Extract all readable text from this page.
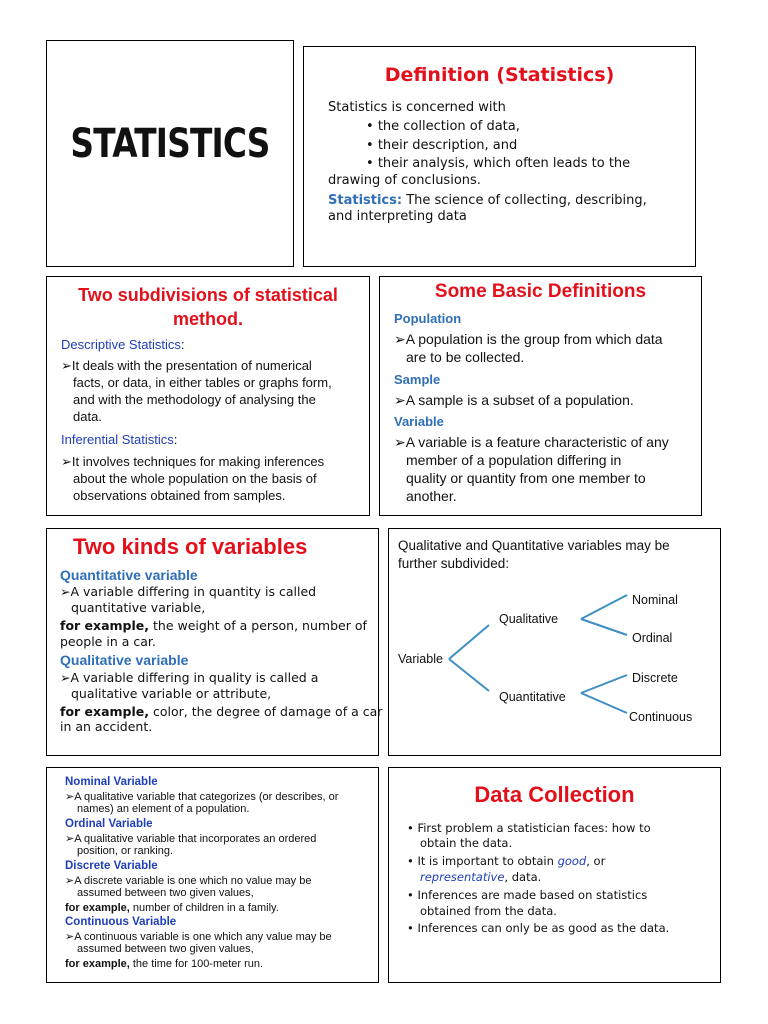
STATISTICS
Definition (Statistics)
Statistics is concerned with
• the collection of data,
• their description, and
• their analysis, which often leads to the
drawing of conclusions.
Statistics: The science of collecting, describing,
and interpreting data
Two subdivisions of statistical
method.
Descriptive Statistics:
➢ It deals with the presentation of numerical
facts, or data, in either tables or graphs form,
and with the methodology of analysing the
data.
Inferential Statistics:
➢ It involves techniques for making inferences
about the whole population on the basis of
observations obtained from samples.
Some Basic Definitions
Population
➢ A population is the group from which data
are to be collected.
Sample
➢ A sample is a subset of a population.
Variable
➢ A variable is a feature characteristic of any
member of a population differing in
quality or quantity from one member to
another.
Two kinds of variables
Quantitative variable
➢ A variable differing in quantity is called
quantitative variable,
for example, the weight of a person, number of
people in a car.
Qualitative variable
➢ A variable differing in quality is called a
qualitative variable or attribute,
for example, color, the degree of damage of a car
in an accident.
Qualitative and Quantitative variables may be
further subdivided:
Variable
Qualitative
Quantitative
Nominal
Ordinal
Discrete
Continuous
Nominal Variable
➢ A qualitative variable that categorizes (or describes, or
names) an element of a population.
Ordinal Variable
➢ A qualitative variable that incorporates an ordered
position, or ranking.
Discrete Variable
➢ A discrete variable is one which no value may be
assumed between two given values,
for example, number of children in a family.
Continuous Variable
➢ A continuous variable is one which any value may be
assumed between two given values,
for example, the time for 100-meter run.
Data Collection
• First problem a statistician faces: how to
obtain the data.
• It is important to obtain good, or
representative, data.
• Inferences are made based on statistics
obtained from the data.
• Inferences can only be as good as the data.
